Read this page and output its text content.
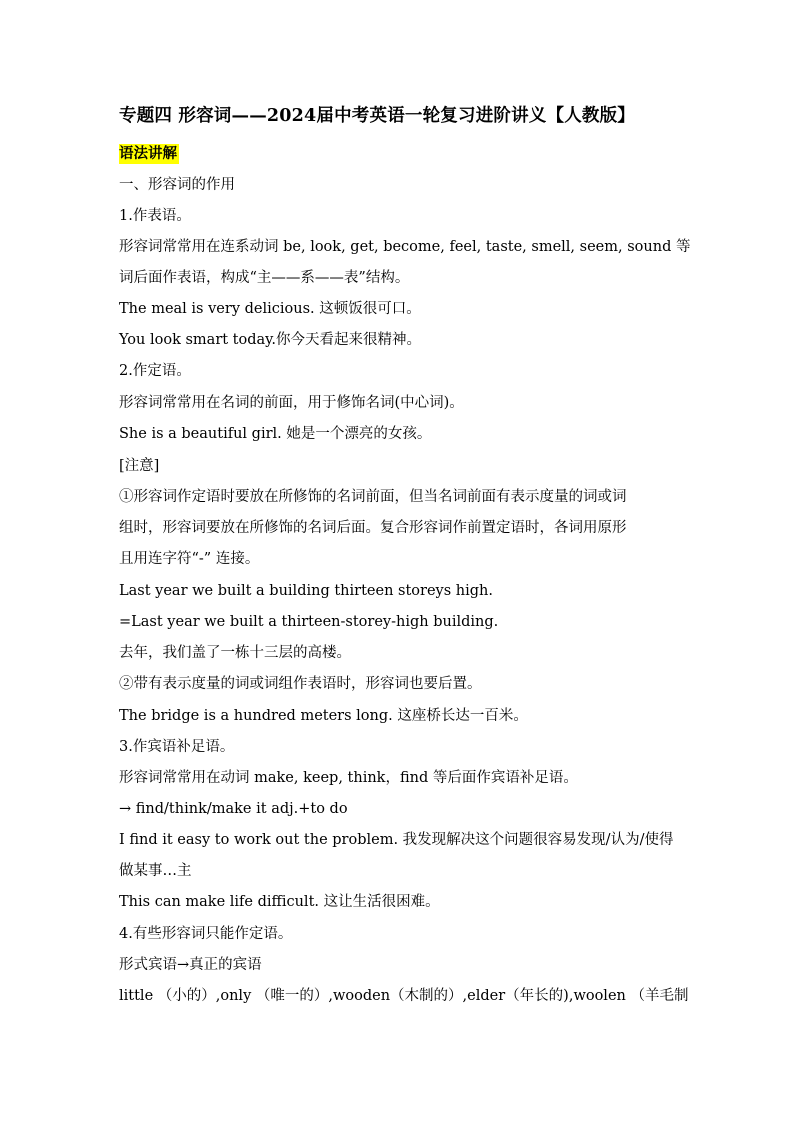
专题四 形容词——2024届中考英语一轮复习进阶讲义【人教版】
语法讲解
一、形容词的作用
1.作表语。
形容词常常用在连系动词 be, look, get, become, feel, taste, smell, seem, sound 等
词后面作表语，构成“主——系——表”结构。
The meal is very delicious. 这顿饭很可口。
You look smart today.你今天看起来很精神。
2.作定语。
形容词常常用在名词的前面，用于修饰名词(中心词)。
She is a beautiful girl. 她是一个漂亮的女孩。
[注意]
①形容词作定语时要放在所修饰的名词前面，但当名词前面有表示度量的词或词
组时，形容词要放在所修饰的名词后面。复合形容词作前置定语时，各词用原形
且用连字符“-” 连接。
Last year we built a building thirteen storeys high.
=Last year we built a thirteen-storey-high building.
去年，我们盖了一栋十三层的高楼。
②带有表示度量的词或词组作表语时，形容词也要后置。
The bridge is a hundred meters long. 这座桥长达一百米。
3.作宾语补足语。
形容词常常用在动词 make, keep, think，find 等后面作宾语补足语。
→ find/think/make it adj.+to do
I find it easy to work out the problem. 我发现解决这个问题很容易发现/认为/使得
做某事…主
This can make life difficult. 这让生活很困难。
4.有些形容词只能作定语。
形式宾语→真正的宾语
little （小的）,only （唯一的）,wooden（木制的）,elder（年长的),woolen （羊毛制
